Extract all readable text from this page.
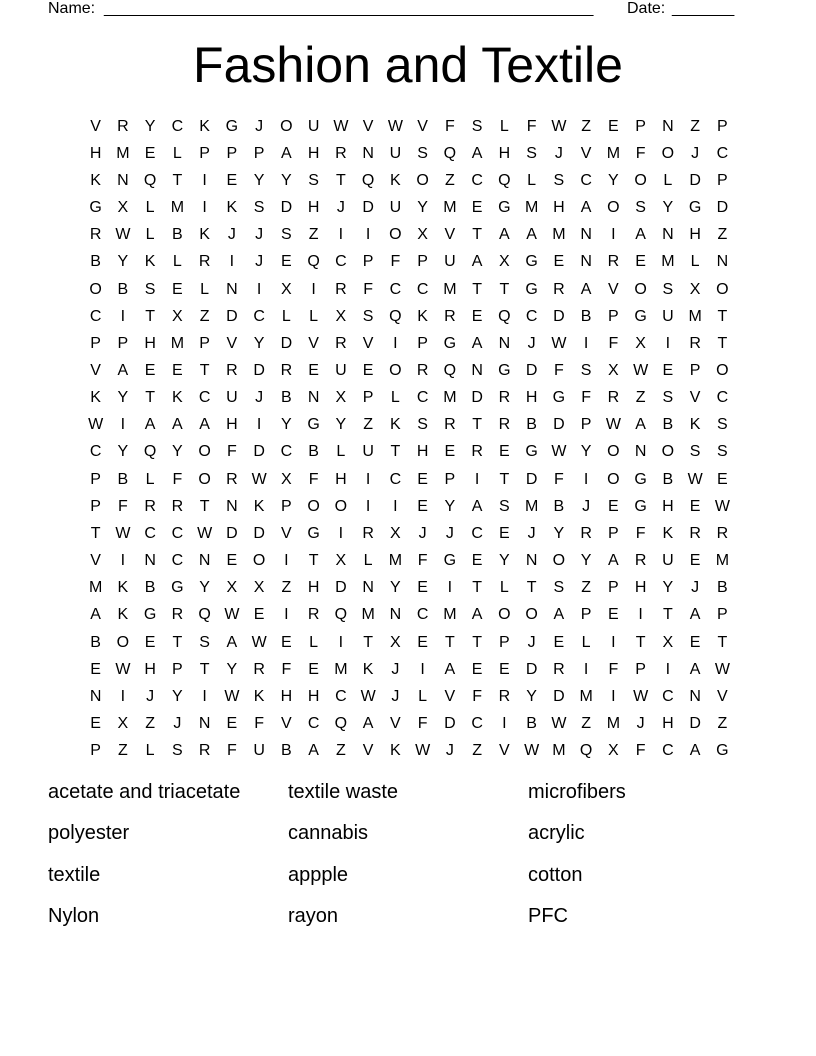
Name: _______________________________________________________ Date: _______
Fashion and Textile
V	R	Y	C	K G	J	O U W V W V	F	S	L	F W Z	E	P	N	Z	P
H M E	L	P	P	P	A	H R N U	S Q A	H	S	J	V M F	O	J	C
K	N Q	T	I	E	Y	Y	S	T	Q K O	Z	C Q	L	S	C	Y O	L	D	P
G X	L	M	I	K	S	D H	J	D U	Y M E G M H	A O S	Y G D
R W L	B	K	J	J	S	Z	I	I	O X	V	T	A	A M N	I	A	N H	Z
B	Y	K	L	R	I	J	E Q C	P	F	P	U	A	X G E	N R	E M	L	N
O B	S	E	L	N	I	X	I	R	F	C C M T	T	G R	A	V O S	X O
C	I	T	X	Z	D C	L	L	X	S Q K	R	E Q C D	B	P G U M T
P	P	H M P	V	Y	D	V	R	V	I	P G A	N	J W	I	F	X	I	R	T
V	A	E	E	T	R D R	E	U	E O R Q N G D	F	S	X W E	P O
K	Y	T	K	C U	J	B	N	X	P	L	C M D R H G	F	R	Z	S	V	C
W	I	A	A	A	H	I	Y G Y	Z	K	S	R	T	R	B	D	P W A	B	K	S
C	Y Q Y O	F	D C	B	L	U	T	H	E	R	E G W Y O N O S	S
P	B	L	F	O R W X	F	H	I	C	E	P	I	T	D	F	I	O G B W E
P	F	R R	T	N	K	P O O	I	I	E	Y	A	S M B	J	E G H	E W
T W C C W D D	V G	I	R	X	J	J	C	E	J	Y	R	P	F	K	R R
V	I	N C N	E O	I	T	X	L	M F	G E	Y	N O Y	A	R U	E M
M K	B G Y	X	X	Z	H D N	Y	E	I	T	L	T	S	Z	P	H	Y	J	B
A	K G R Q W E	I	R Q M N C M A O O A	P	E	I	T	A	P
B O E	T	S	A W E	L	I	T	X	E	T	T	P	J	E	L	I	T	X	E	T
E W H	P	T	Y	R	F	E M K	J	I	A	E	E	D R	I	F	P	I	A W
N	I	J	Y	I	W K	H H C W J	L	V	F	R	Y	D M	I	W C N	V
E	X	Z	J	N	E	F	V	C Q A	V	F	D C	I	B W Z M	J	H D	Z
P	Z	L	S	R	F	U	B	A	Z	V	K W J	Z	V W M Q X	F	C	A G
acetate and triacetate	textile waste	microfibers
polyester	cannabis	acrylic
textile	appple	cotton
Nylon	rayon	PFC
